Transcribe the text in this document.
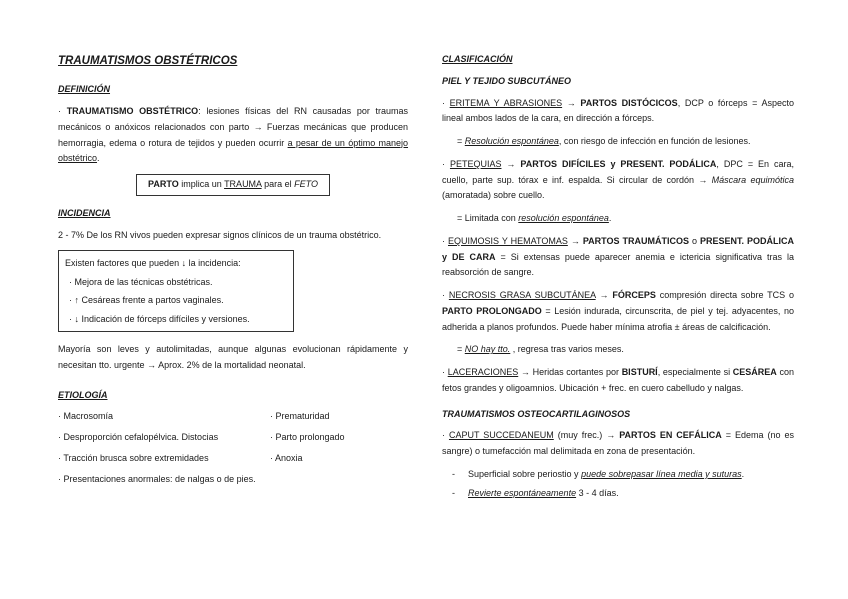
TRAUMATISMOS OBSTÉTRICOS
DEFINICIÓN

· TRAUMATISMO OBSTÉTRICO: lesiones físicas del RN causadas por traumas mecánicos o anóxicos relacionados con parto → Fuerzas mecánicas que producen hemorragia, edema o rotura de tejidos y pueden ocurrir a pesar de un óptimo manejo obstétrico.

PARTO implica un TRAUMA para el FETO
INCIDENCIA

2 - 7% De los RN vivos pueden expresar signos clínicos de un trauma obstétrico.

Existen factores que pueden ↓ la incidencia:
· Mejora de las técnicas obstétricas.
· ↑ Cesáreas frente a partos vaginales.
· ↓ Indicación de fórceps difíciles y versiones.

Mayoría son leves y autolimitadas, aunque algunas evolucionan rápidamente y necesitan tto. urgente → Aprox. 2% de la mortalidad neonatal.

ETIOLOGÍA
· Macrosomía	· Prematuridad
· Desproporción cefalopélvica. Distocias	· Parto prolongado
· Tracción brusca sobre extremidades	· Anoxia
· Presentaciones anormales: de nalgas o de pies.
CLASIFICACIÓN
PIEL Y TEJIDO SUBCUTÁNEO

· ERITEMA Y ABRASIONES → PARTOS DISTÓCICOS, DCP o fórceps = Aspecto lineal ambos lados de la cara, en dirección a fórceps.

= Resolución espontánea, con riesgo de infección en función de lesiones.

· PETEQUIAS → PARTOS DIFÍCILES y PRESENT. PODÁLICA, DPC = En cara, cuello, parte sup. tórax e inf. espalda. Si circular de cordón → Máscara equimótica (amoratada) sobre cuello.

= Limitada con resolución espontánea.

· EQUIMOSIS Y HEMATOMAS → PARTOS TRAUMÁTICOS o PRESENT. PODÁLICA y DE CARA = Si extensas puede aparecer anemia e ictericia significativa tras la reabsorción de sangre.

· NECROSIS GRASA SUBCUTÁNEA → FÓRCEPS compresión directa sobre TCS o PARTO PROLONGADO = Lesión indurada, circunscrita, de piel y tej. adyacentes, no adherida a planos profundos. Puede haber mínima atrofia ± áreas de calcificación.

= NO hay tto. , regresa tras varios meses.

· LACERACIONES → Heridas cortantes por BISTURÍ, especialmente si CESÁREA con fetos grandes y oligoamnios. Ubicación + frec. en cuero cabelludo y nalgas.

TRAUMATISMOS OSTEOCARTILAGINOSOS

· CAPUT SUCCEDANEUM (muy frec.) → PARTOS EN CEFÁLICA = Edema (no es sangre) o tumefacción mal delimitada en zona de presentación.

- Superficial sobre periostio y puede sobrepasar línea media y suturas.
- Revierte espontáneamente 3 - 4 días.
